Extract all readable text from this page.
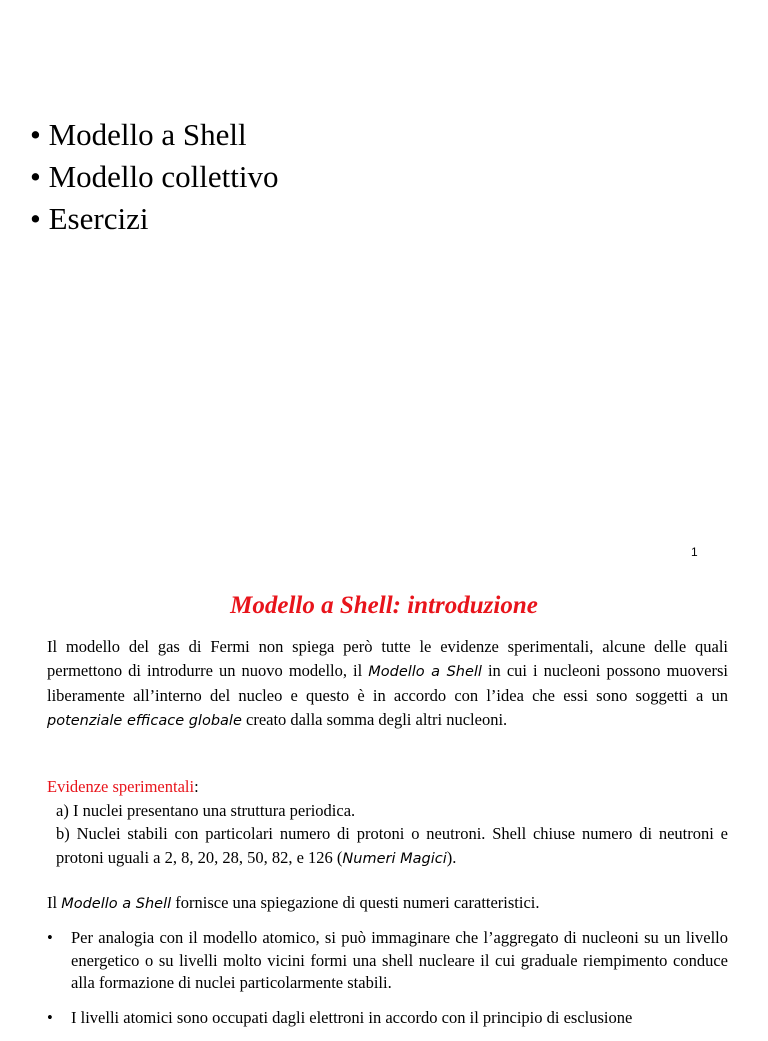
• Modello a Shell
• Modello collettivo
• Esercizi
1
Modello a Shell: introduzione

Il modello del gas di Fermi non spiega però tutte le evidenze sperimentali, alcune delle quali permettono di introdurre un nuovo modello, il Modello a Shell in cui i nucleoni possono muoversi liberamente all’interno del nucleo e questo è in accordo con l’idea che essi sono soggetti a un potenziale efficace globale creato dalla somma degli altri nucleoni.

Evidenze sperimentali:
a) I nuclei presentano una struttura periodica.
b) Nuclei stabili con particolari numero di protoni o neutroni. Shell chiuse numero di neutroni e protoni uguali a 2, 8, 20, 28, 50, 82, e 126 (Numeri Magici).

Il Modello a Shell fornisce una spiegazione di questi numeri caratteristici.

• Per analogia con il modello atomico, si può immaginare che l’aggregato di nucleoni su un livello energetico o su livelli molto vicini formi una shell nucleare il cui graduale riempimento conduce alla formazione di nuclei particolarmente stabili.
• I livelli atomici sono occupati dagli elettroni in accordo con il principio di esclusione
